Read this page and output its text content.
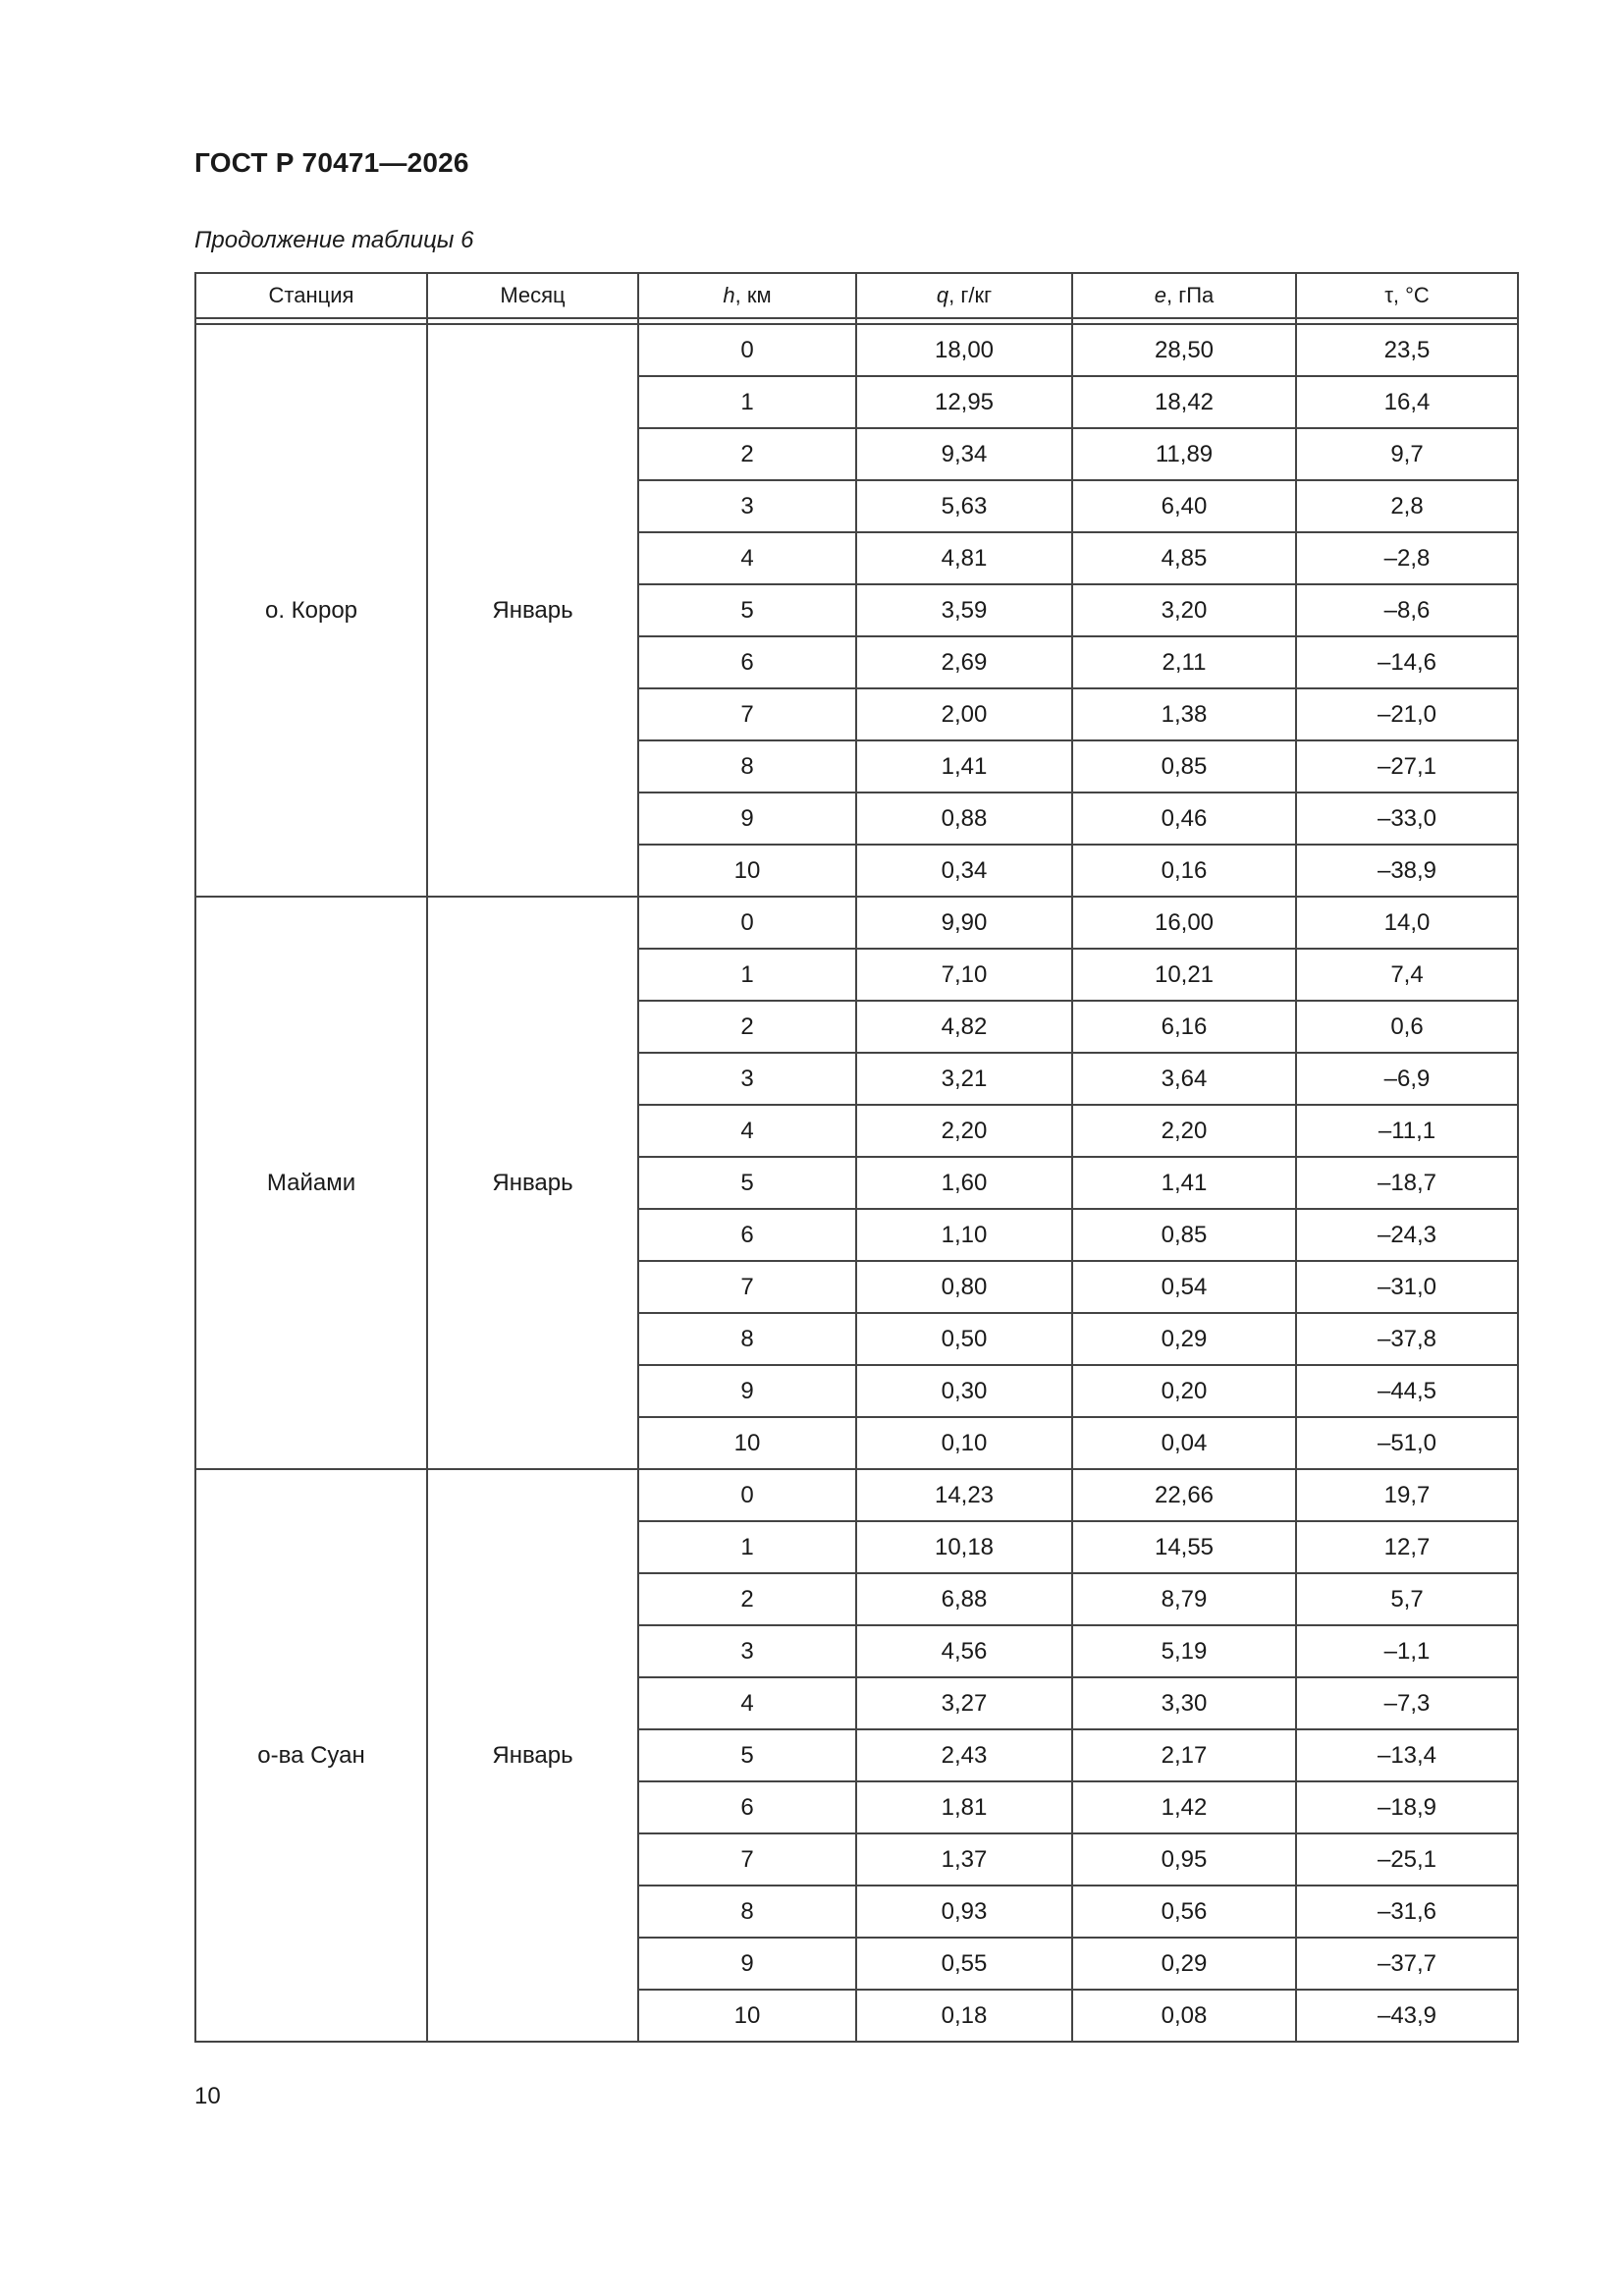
ГОСТ Р 70471—2026
Продолжение таблицы 6
Станция	Месяц	h, км	q, г/кг	e, гПа	τ, °C

о. Корор	Январь	0	18,00	28,50	23,5
		1	12,95	18,42	16,4
		2	9,34	11,89	9,7
		3	5,63	6,40	2,8
		4	4,81	4,85	–2,8
		5	3,59	3,20	–8,6
		6	2,69	2,11	–14,6
		7	2,00	1,38	–21,0
		8	1,41	0,85	–27,1
		9	0,88	0,46	–33,0
		10	0,34	0,16	–38,9
Майами	Январь	0	9,90	16,00	14,0
		1	7,10	10,21	7,4
		2	4,82	6,16	0,6
		3	3,21	3,64	–6,9
		4	2,20	2,20	–11,1
		5	1,60	1,41	–18,7
		6	1,10	0,85	–24,3
		7	0,80	0,54	–31,0
		8	0,50	0,29	–37,8
		9	0,30	0,20	–44,5
		10	0,10	0,04	–51,0
о-ва Суан	Январь	0	14,23	22,66	19,7
		1	10,18	14,55	12,7
		2	6,88	8,79	5,7
		3	4,56	5,19	–1,1
		4	3,27	3,30	–7,3
		5	2,43	2,17	–13,4
		6	1,81	1,42	–18,9
		7	1,37	0,95	–25,1
		8	0,93	0,56	–31,6
		9	0,55	0,29	–37,7
		10	0,18	0,08	–43,9
10
